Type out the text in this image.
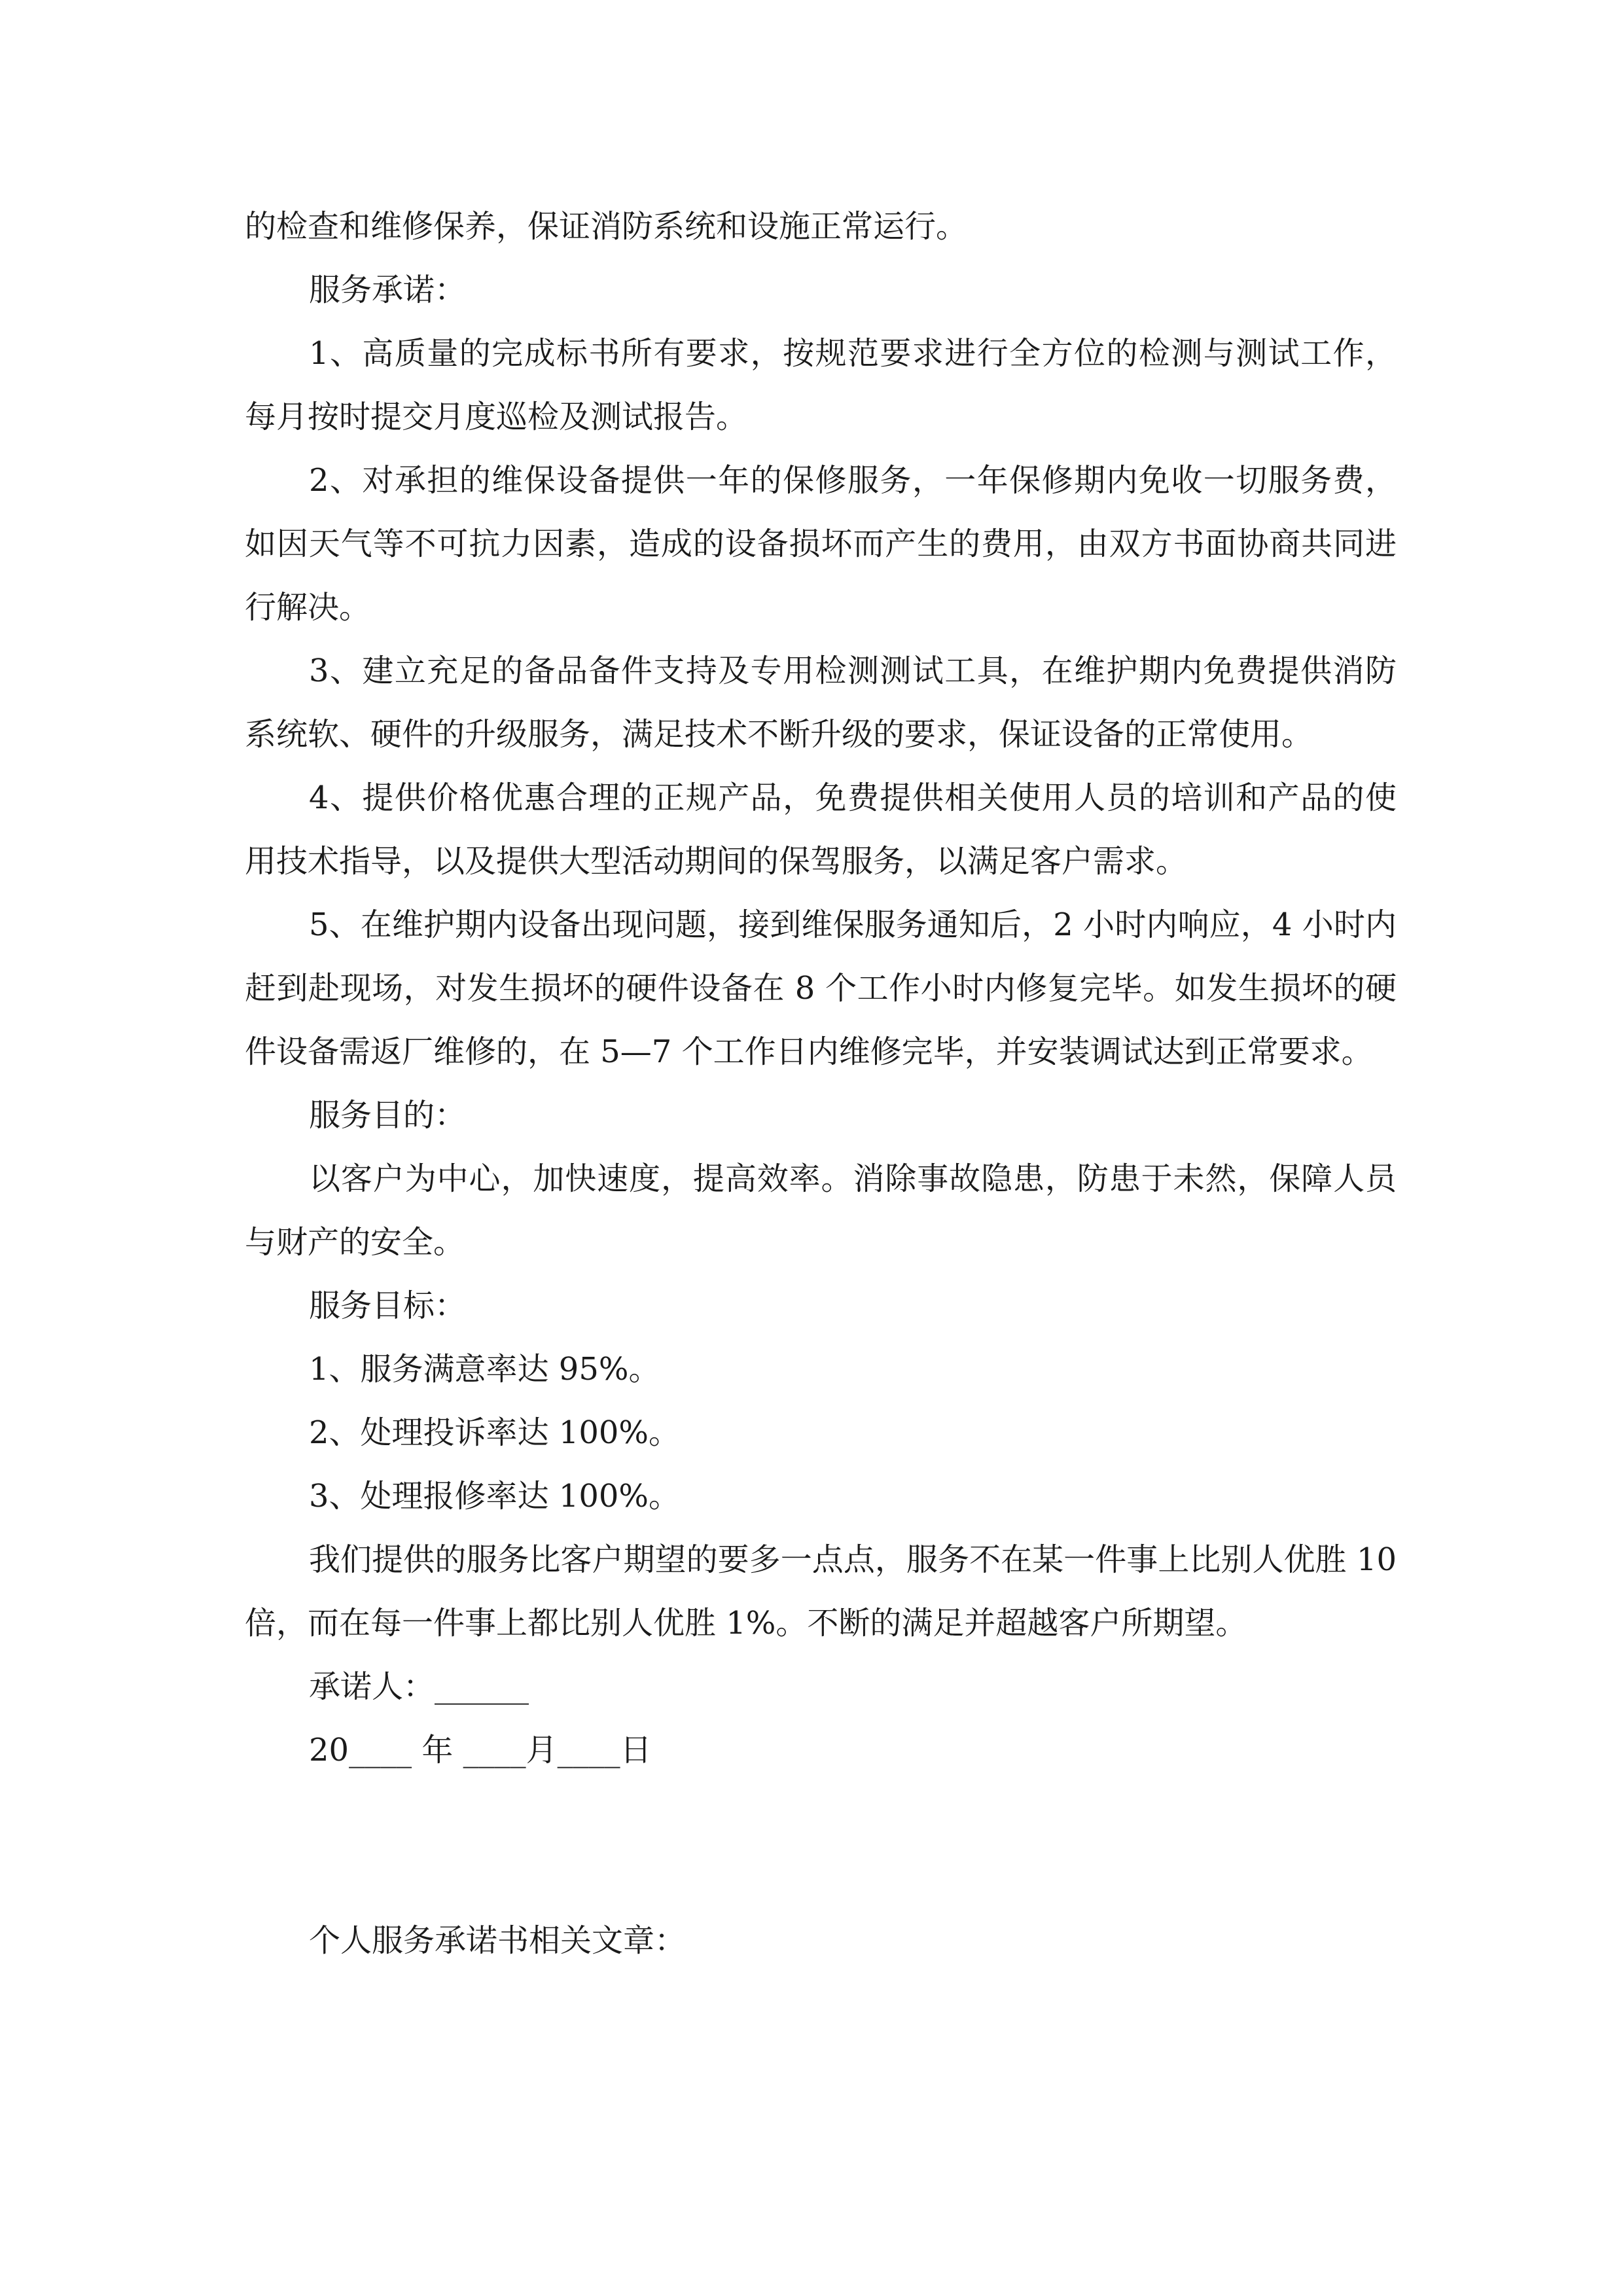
的检查和维修保养，保证消防系统和设施正常运行。

服务承诺：

1、高质量的完成标书所有要求，按规范要求进行全方位的检测与测试工作，每月按时提交月度巡检及测试报告。

2、对承担的维保设备提供一年的保修服务，一年保修期内免收一切服务费，如因天气等不可抗力因素，造成的设备损坏而产生的费用，由双方书面协商共同进行解决。

3、建立充足的备品备件支持及专用检测测试工具，在维护期内免费提供消防系统软、硬件的升级服务，满足技术不断升级的要求，保证设备的正常使用。

4、提供价格优惠合理的正规产品，免费提供相关使用人员的培训和产品的使用技术指导，以及提供大型活动期间的保驾服务，以满足客户需求。

5、在维护期内设备出现问题，接到维保服务通知后，2 小时内响应，4 小时内赶到赴现场，对发生损坏的硬件设备在 8 个工作小时内修复完毕。如发生损坏的硬件设备需返厂维修的，在 5—7 个工作日内维修完毕，并安装调试达到正常要求。

服务目的：

以客户为中心，加快速度，提高效率。消除事故隐患，防患于未然，保障人员与财产的安全。

服务目标：

1、服务满意率达 95%。

2、处理投诉率达 100%。

3、处理报修率达 100%。

我们提供的服务比客户期望的要多一点点，服务不在某一件事上比别人优胜 10 倍，而在每一件事上都比别人优胜 1%。不断的满足并超越客户所期望。

承诺人：______

20____ 年 ____月____日

个人服务承诺书相关文章：
